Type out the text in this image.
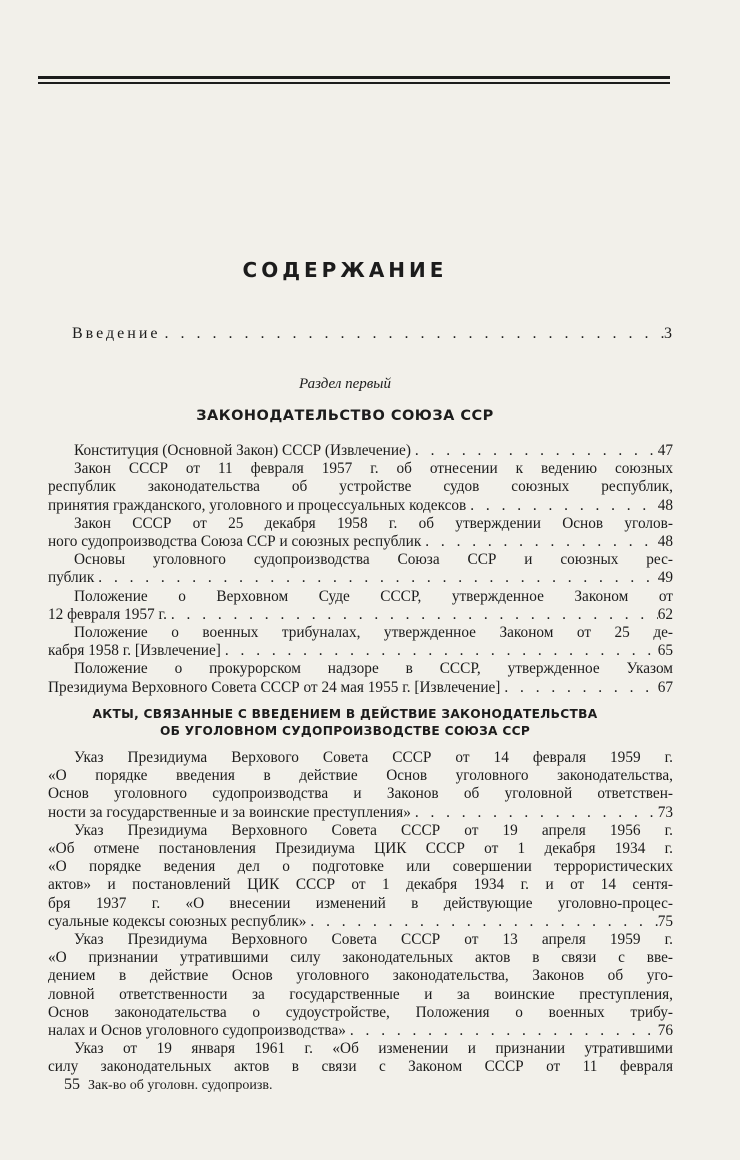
СОДЕРЖАНИЕ
Введение . . .	3
Раздел первый
ЗАКОНОДАТЕЛЬСТВО СОЮЗА ССР
Конституция (Основной Закон) СССР (Извлечение) . . .	47
Закон СССР от 11 февраля 1957 г. об отнесении к ведению союзных
республик законодательства об устройстве судов союзных республик,
принятия гражданского, уголовного и процессуальных кодексов . . .	48
Закон СССР от 25 декабря 1958 г. об утверждении Основ уголов-
ного судопроизводства Союза ССР и союзных республик . . .	48
Основы уголовного судопроизводства Союза ССР и союзных рес-
публик . . .	49
Положение о Верховном Суде СССР, утвержденное Законом от
12 февраля 1957 г. . . .	62
Положение о военных трибуналах, утвержденное Законом от 25 де-
кабря 1958 г. [Извлечение] . . .	65
Положение о прокурорском надзоре в СССР, утвержденное Указом
Президиума Верховного Совета СССР от 24 мая 1955 г. [Извлечение] . . .	67
АКТЫ, СВЯЗАННЫЕ С ВВЕДЕНИЕМ В ДЕЙСТВИЕ ЗАКОНОДАТЕЛЬСТВА
ОБ УГОЛОВНОМ СУДОПРОИЗВОДСТВЕ СОЮЗА ССР
Указ Президиума Верхового Совета СССР от 14 февраля 1959 г.
«О порядке введения в действие Основ уголовного законодательства,
Основ уголовного судопроизводства и Законов об уголовной ответствен-
ности за государственные и за воинские преступления» . . .	73
Указ Президиума Верховного Совета СССР от 19 апреля 1956 г.
«Об отмене постановления Президиума ЦИК СССР от 1 декабря 1934 г.
«О порядке ведения дел о подготовке или совершении террористических
актов» и постановлений ЦИК СССР от 1 декабря 1934 г. и от 14 сентя-
бря 1937 г. «О внесении изменений в действующие уголовно-процес-
суальные кодексы союзных республик» . . .	75
Указ Президиума Верховного Совета СССР от 13 апреля 1959 г.
«О признании утратившими силу законодательных актов в связи с вве-
дением в действие Основ уголовного законодательства, Законов об уго-
ловной ответственности за государственные и за воинские преступления,
Основ законодательства о судоустройстве, Положения о военных трибу-
налах и Основ уголовного судопроизводства» . . .	76
Указ от 19 января 1961 г. «Об изменении и признании утратившими
силу законодательных актов в связи с Законом СССР от 11 февраля
55 Зак-во об уголовн. судопроизв.
